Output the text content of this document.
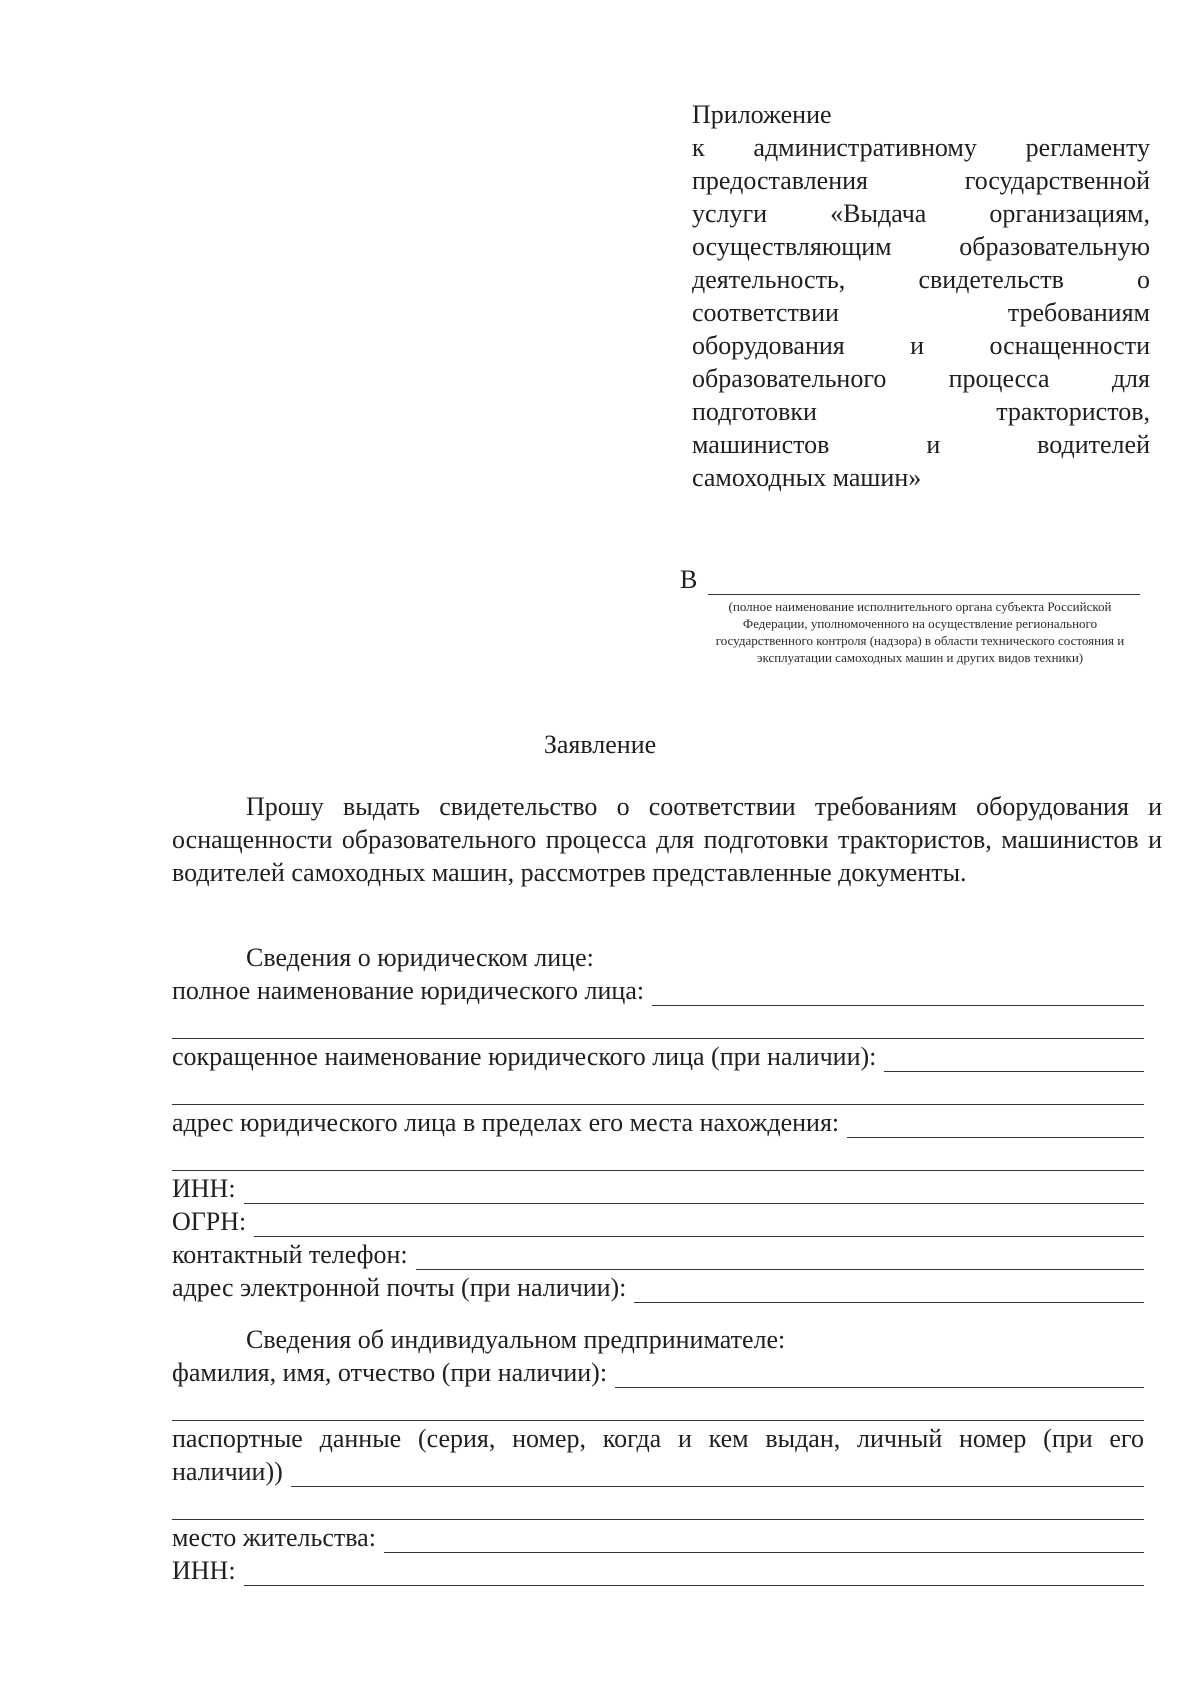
Приложение
к административному регламенту
предоставления	государственной
услуги «Выдача организациям,
осуществляющим	образовательную
деятельность,	свидетельств	о
соответствии	требованиям
оборудования	и	оснащенности
образовательного процесса для
подготовки	трактористов,
машинистов	и	водителей
самоходных машин»
В
(полное наименование исполнительного органа субъекта Российской Федерации, уполномоченного на осуществление регионального государственного контроля (надзора) в области технического состояния и эксплуатации самоходных машин и других видов техники)
Заявление

Прошу выдать свидетельство о соответствии требованиям оборудования и оснащенности образовательного процесса для подготовки трактористов, машинистов и водителей самоходных машин, рассмотрев представленные документы.

Сведения о юридическом лице:
полное наименование юридического лица:
сокращенное наименование юридического лица (при наличии):
адрес юридического лица в пределах его места нахождения:
ИНН:
ОГРН:
контактный телефон:
адрес электронной почты (при наличии):
Сведения об индивидуальном предпринимателе:
фамилия, имя, отчество (при наличии):
паспортные данные (серия, номер, когда и кем выдан, личный номер (при его
наличии))
место жительства:
ИНН:
